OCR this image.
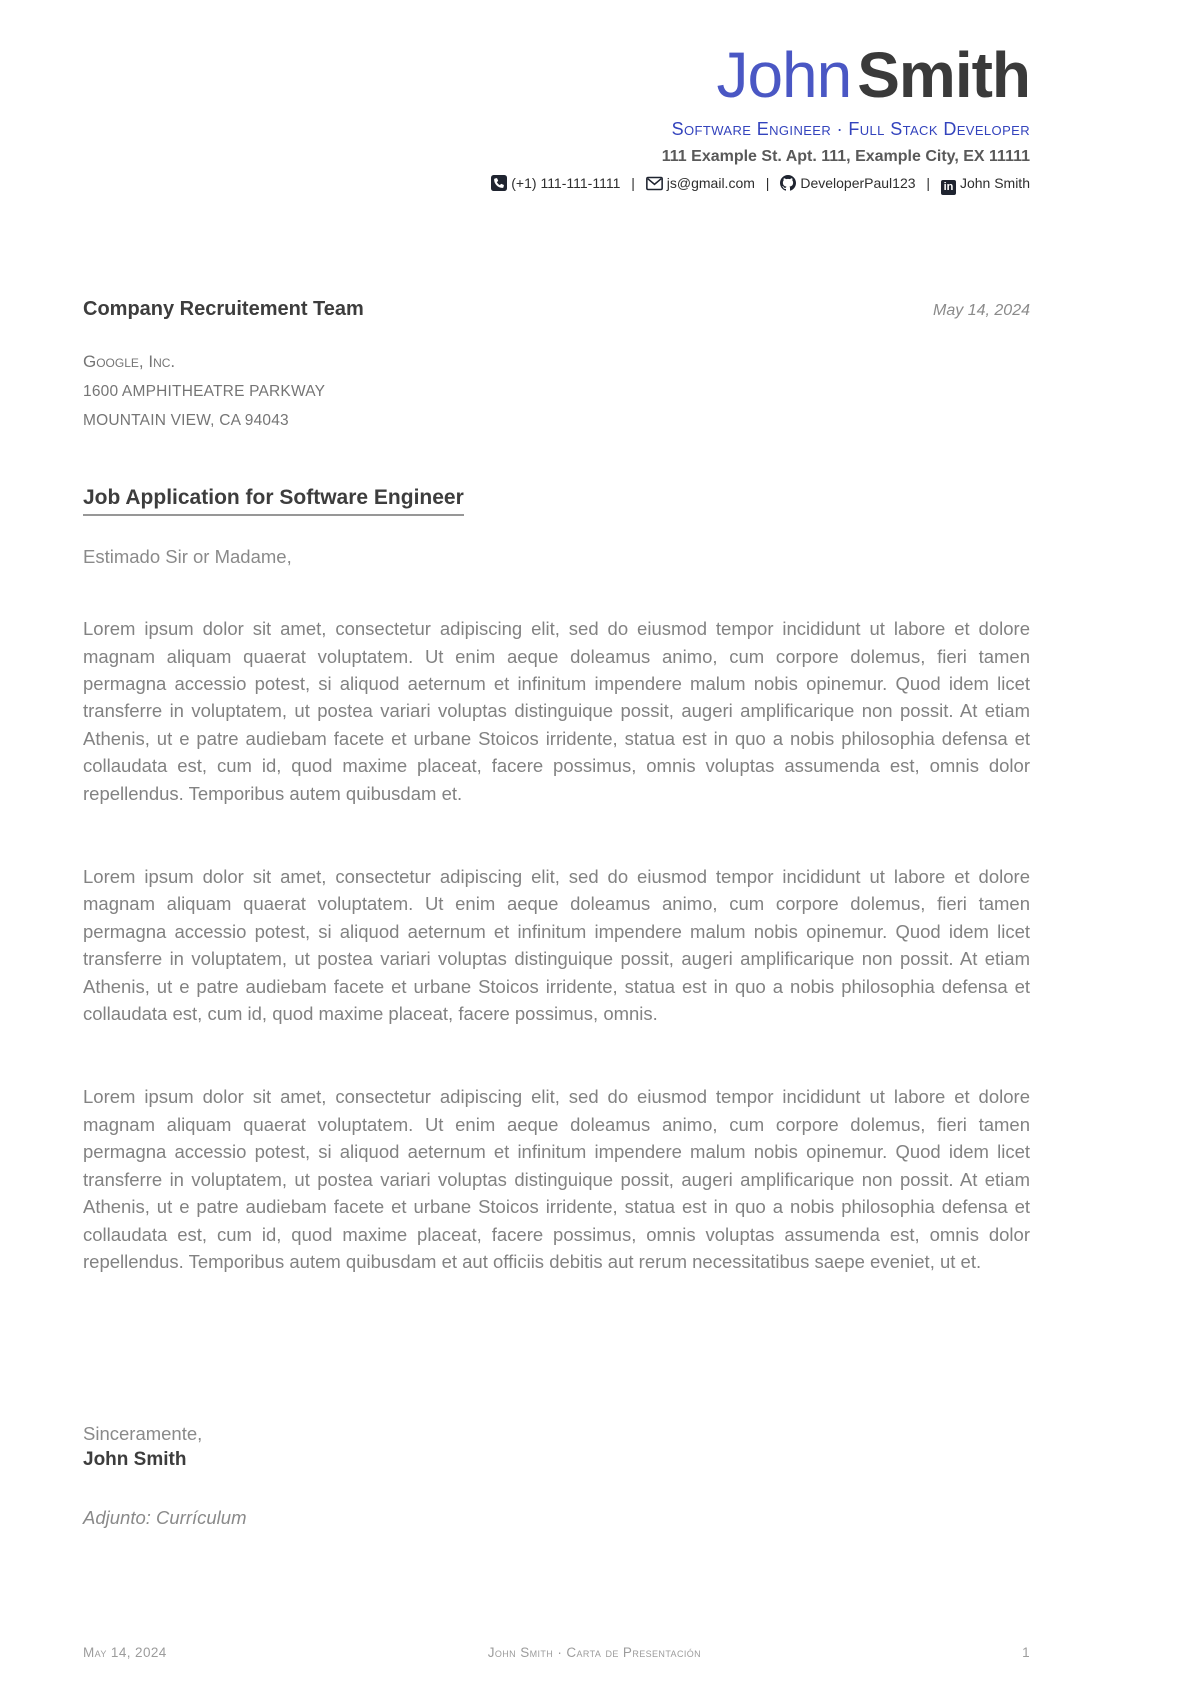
JohnSmith
Software Engineer · Full Stack Developer
111 Example St. Apt. 111, Example City, EX 11111
(+1) 111-111-1111 | js@gmail.com | DeveloperPaul123 | in John Smith
Company Recruitement Team	May 14, 2024
Google, Inc.
1600 AMPHITHEATRE PARKWAY
MOUNTAIN VIEW, CA 94043
Job Application for Software Engineer

Estimado Sir or Madame,

Lorem ipsum dolor sit amet, consectetur adipiscing elit, sed do eiusmod tempor incididunt ut labore et dolore magnam aliquam quaerat voluptatem. Ut enim aeque doleamus animo, cum corpore dolemus, fieri tamen permagna accessio potest, si aliquod aeternum et infinitum impendere malum nobis opinemur. Quod idem licet transferre in voluptatem, ut postea variari voluptas distinguique possit, augeri amplificarique non possit. At etiam Athenis, ut e patre audiebam facete et urbane Stoicos irridente, statua est in quo a nobis philosophia defensa et collaudata est, cum id, quod maxime placeat, facere possimus, omnis voluptas assumenda est, omnis dolor repellendus. Temporibus autem quibusdam et.

Lorem ipsum dolor sit amet, consectetur adipiscing elit, sed do eiusmod tempor incididunt ut labore et dolore magnam aliquam quaerat voluptatem. Ut enim aeque doleamus animo, cum corpore dolemus, fieri tamen permagna accessio potest, si aliquod aeternum et infinitum impendere malum nobis opinemur. Quod idem licet transferre in voluptatem, ut postea variari voluptas distinguique possit, augeri amplificarique non possit. At etiam Athenis, ut e patre audiebam facete et urbane Stoicos irridente, statua est in quo a nobis philosophia defensa et collaudata est, cum id, quod maxime placeat, facere possimus, omnis.

Lorem ipsum dolor sit amet, consectetur adipiscing elit, sed do eiusmod tempor incididunt ut labore et dolore magnam aliquam quaerat voluptatem. Ut enim aeque doleamus animo, cum corpore dolemus, fieri tamen permagna accessio potest, si aliquod aeternum et infinitum impendere malum nobis opinemur. Quod idem licet transferre in voluptatem, ut postea variari voluptas distinguique possit, augeri amplificarique non possit. At etiam Athenis, ut e patre audiebam facete et urbane Stoicos irridente, statua est in quo a nobis philosophia defensa et collaudata est, cum id, quod maxime placeat, facere possimus, omnis voluptas assumenda est, omnis dolor repellendus. Temporibus autem quibusdam et aut officiis debitis aut rerum necessitatibus saepe eveniet, ut et.

Sinceramente,

John Smith

Adjunto: Currículum

May 14, 2024	John Smith · Carta de Presentación	1
